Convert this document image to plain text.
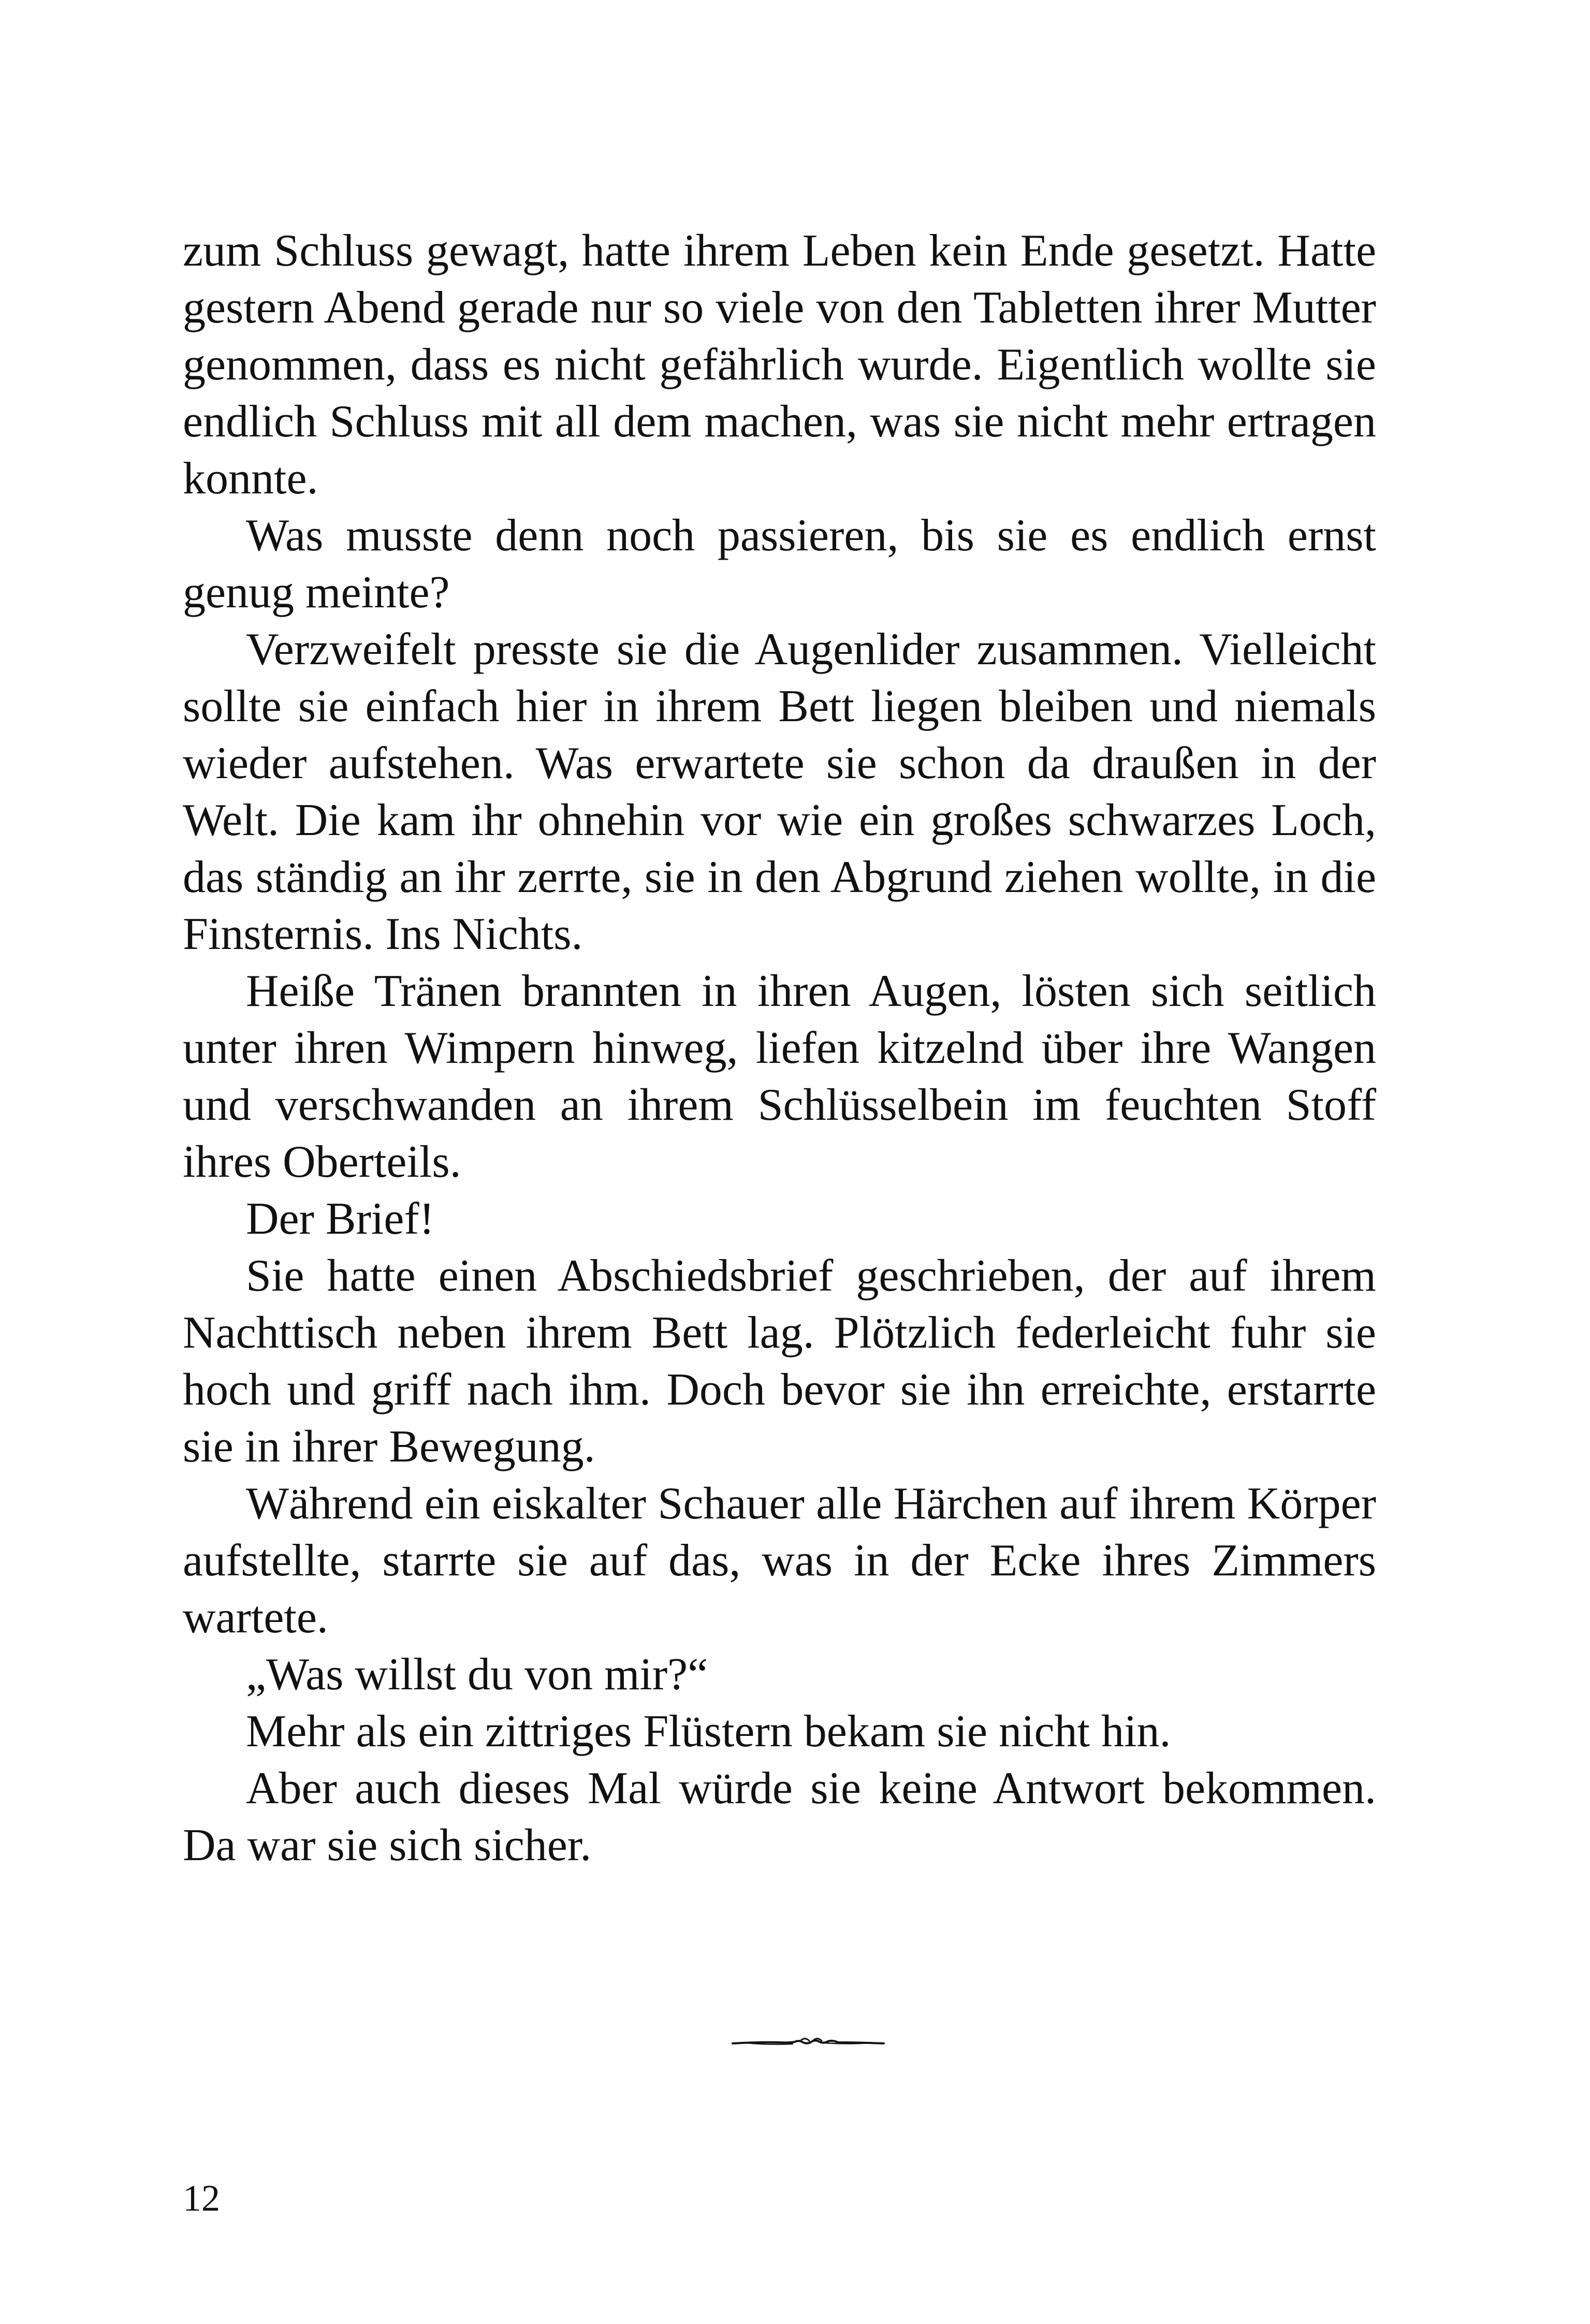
zum Schluss gewagt, hatte ihrem Leben kein Ende gesetzt. Hatte gestern Abend gerade nur so viele von den Tabletten ihrer Mutter genommen, dass es nicht gefährlich wurde. Eigentlich wollte sie endlich Schluss mit all dem machen, was sie nicht mehr ertragen konnte.

Was musste denn noch passieren, bis sie es endlich ernst genug meinte?

Verzweifelt presste sie die Augenlider zusammen. Vielleicht sollte sie einfach hier in ihrem Bett liegen bleiben und niemals wieder aufstehen. Was erwartete sie schon da draußen in der Welt. Die kam ihr ohnehin vor wie ein großes schwarzes Loch, das ständig an ihr zerrte, sie in den Abgrund ziehen wollte, in die Finsternis. Ins Nichts.

Heiße Tränen brannten in ihren Augen, lösten sich seitlich unter ihren Wimpern hinweg, liefen kitzelnd über ihre Wangen und verschwanden an ihrem Schlüsselbein im feuchten Stoff ihres Oberteils.

Der Brief!

Sie hatte einen Abschiedsbrief geschrieben, der auf ihrem Nachttisch neben ihrem Bett lag. Plötzlich federleicht fuhr sie hoch und griff nach ihm. Doch bevor sie ihn erreichte, erstarrte sie in ihrer Bewegung.

Während ein eiskalter Schauer alle Härchen auf ihrem Körper aufstellte, starrte sie auf das, was in der Ecke ihres Zimmers wartete.

„Was willst du von mir?“

Mehr als ein zittriges Flüstern bekam sie nicht hin.

Aber auch dieses Mal würde sie keine Antwort bekommen. Da war sie sich sicher.

12
